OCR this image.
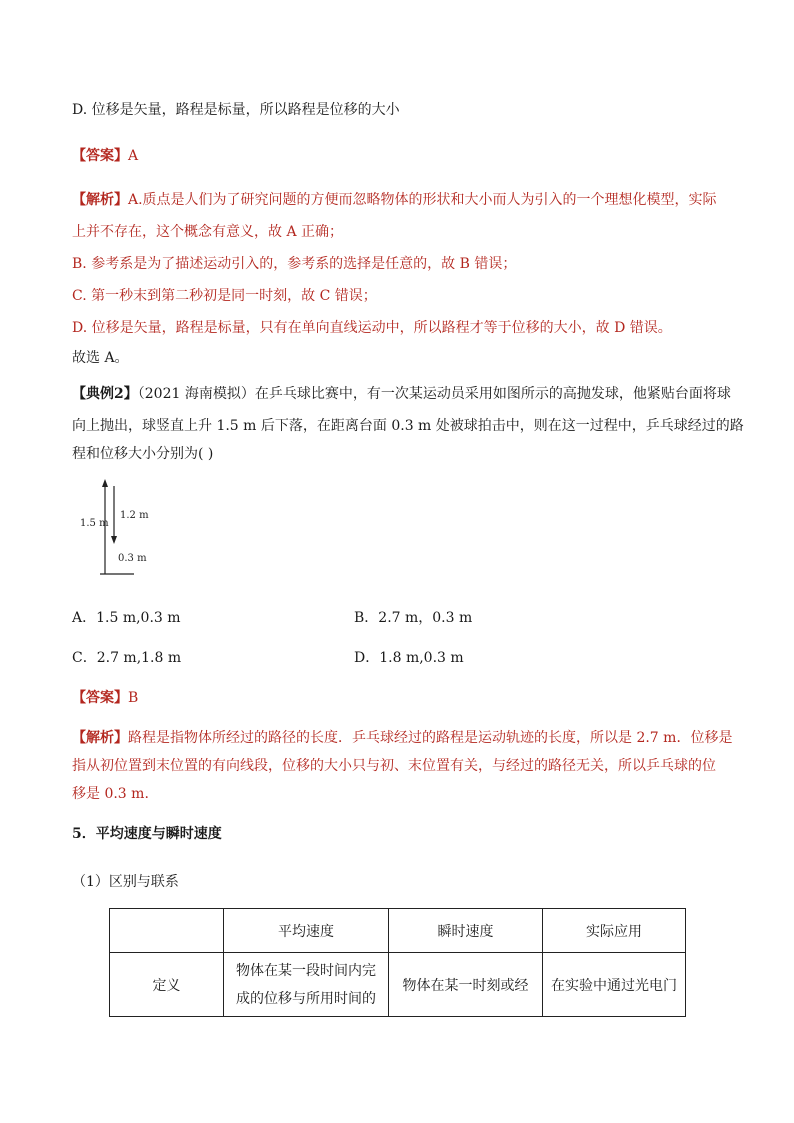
D. 位移是矢量，路程是标量，所以路程是位移的大小
【答案】A
【解析】A.质点是人们为了研究问题的方便而忽略物体的形状和大小而人为引入的一个理想化模型，实际
上并不存在，这个概念有意义，故 A 正确；
B. 参考系是为了描述运动引入的，参考系的选择是任意的，故 B 错误；
C. 第一秒末到第二秒初是同一时刻，故 C 错误；
D. 位移是矢量，路程是标量，只有在单向直线运动中，所以路程才等于位移的大小，故 D 错误。
故选 A。
【典例2】（2021 海南模拟）在乒乓球比赛中，有一次某运动员采用如图所示的高抛发球，他紧贴台面将球
向上抛出，球竖直上升 1.5 m 后下落，在距离台面 0.3 m 处被球拍击中，则在这一过程中，乒乓球经过的路
程和位移大小分别为( )
1.5 m
1.2 m
0.3 m
A．1.5 m,0.3 m	B．2.7 m，0.3 m
C．2.7 m,1.8 m	D．1.8 m,0.3 m
【答案】B
【解析】路程是指物体所经过的路径的长度．乒乓球经过的路程是运动轨迹的长度，所以是 2.7 m．位移是
指从初位置到末位置的有向线段，位移的大小只与初、末位置有关，与经过的路径无关，所以乒乓球的位
移是 0.3 m.
5．平均速度与瞬时速度
（1）区别与联系
	平均速度	瞬时速度	实际应用
定义	物体在某一段时间内完
成的位移与所用时间的	物体在某一时刻或经	在实验中通过光电门
